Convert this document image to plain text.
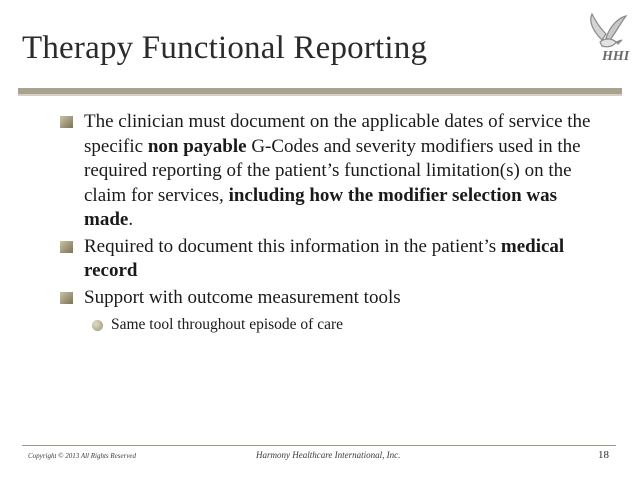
Therapy Functional Reporting	HHI
The clinician must document on the applicable dates of service the specific non payable G-Codes and severity modifiers used in the required reporting of the patient’s functional limitation(s) on the claim for services, including how the modifier selection was made.
Required to document this information in the patient’s medical record
Support with outcome measurement tools
Same tool throughout episode of care
Copyright © 2013 All Rights Reserved	Harmony Healthcare International, Inc.	18
